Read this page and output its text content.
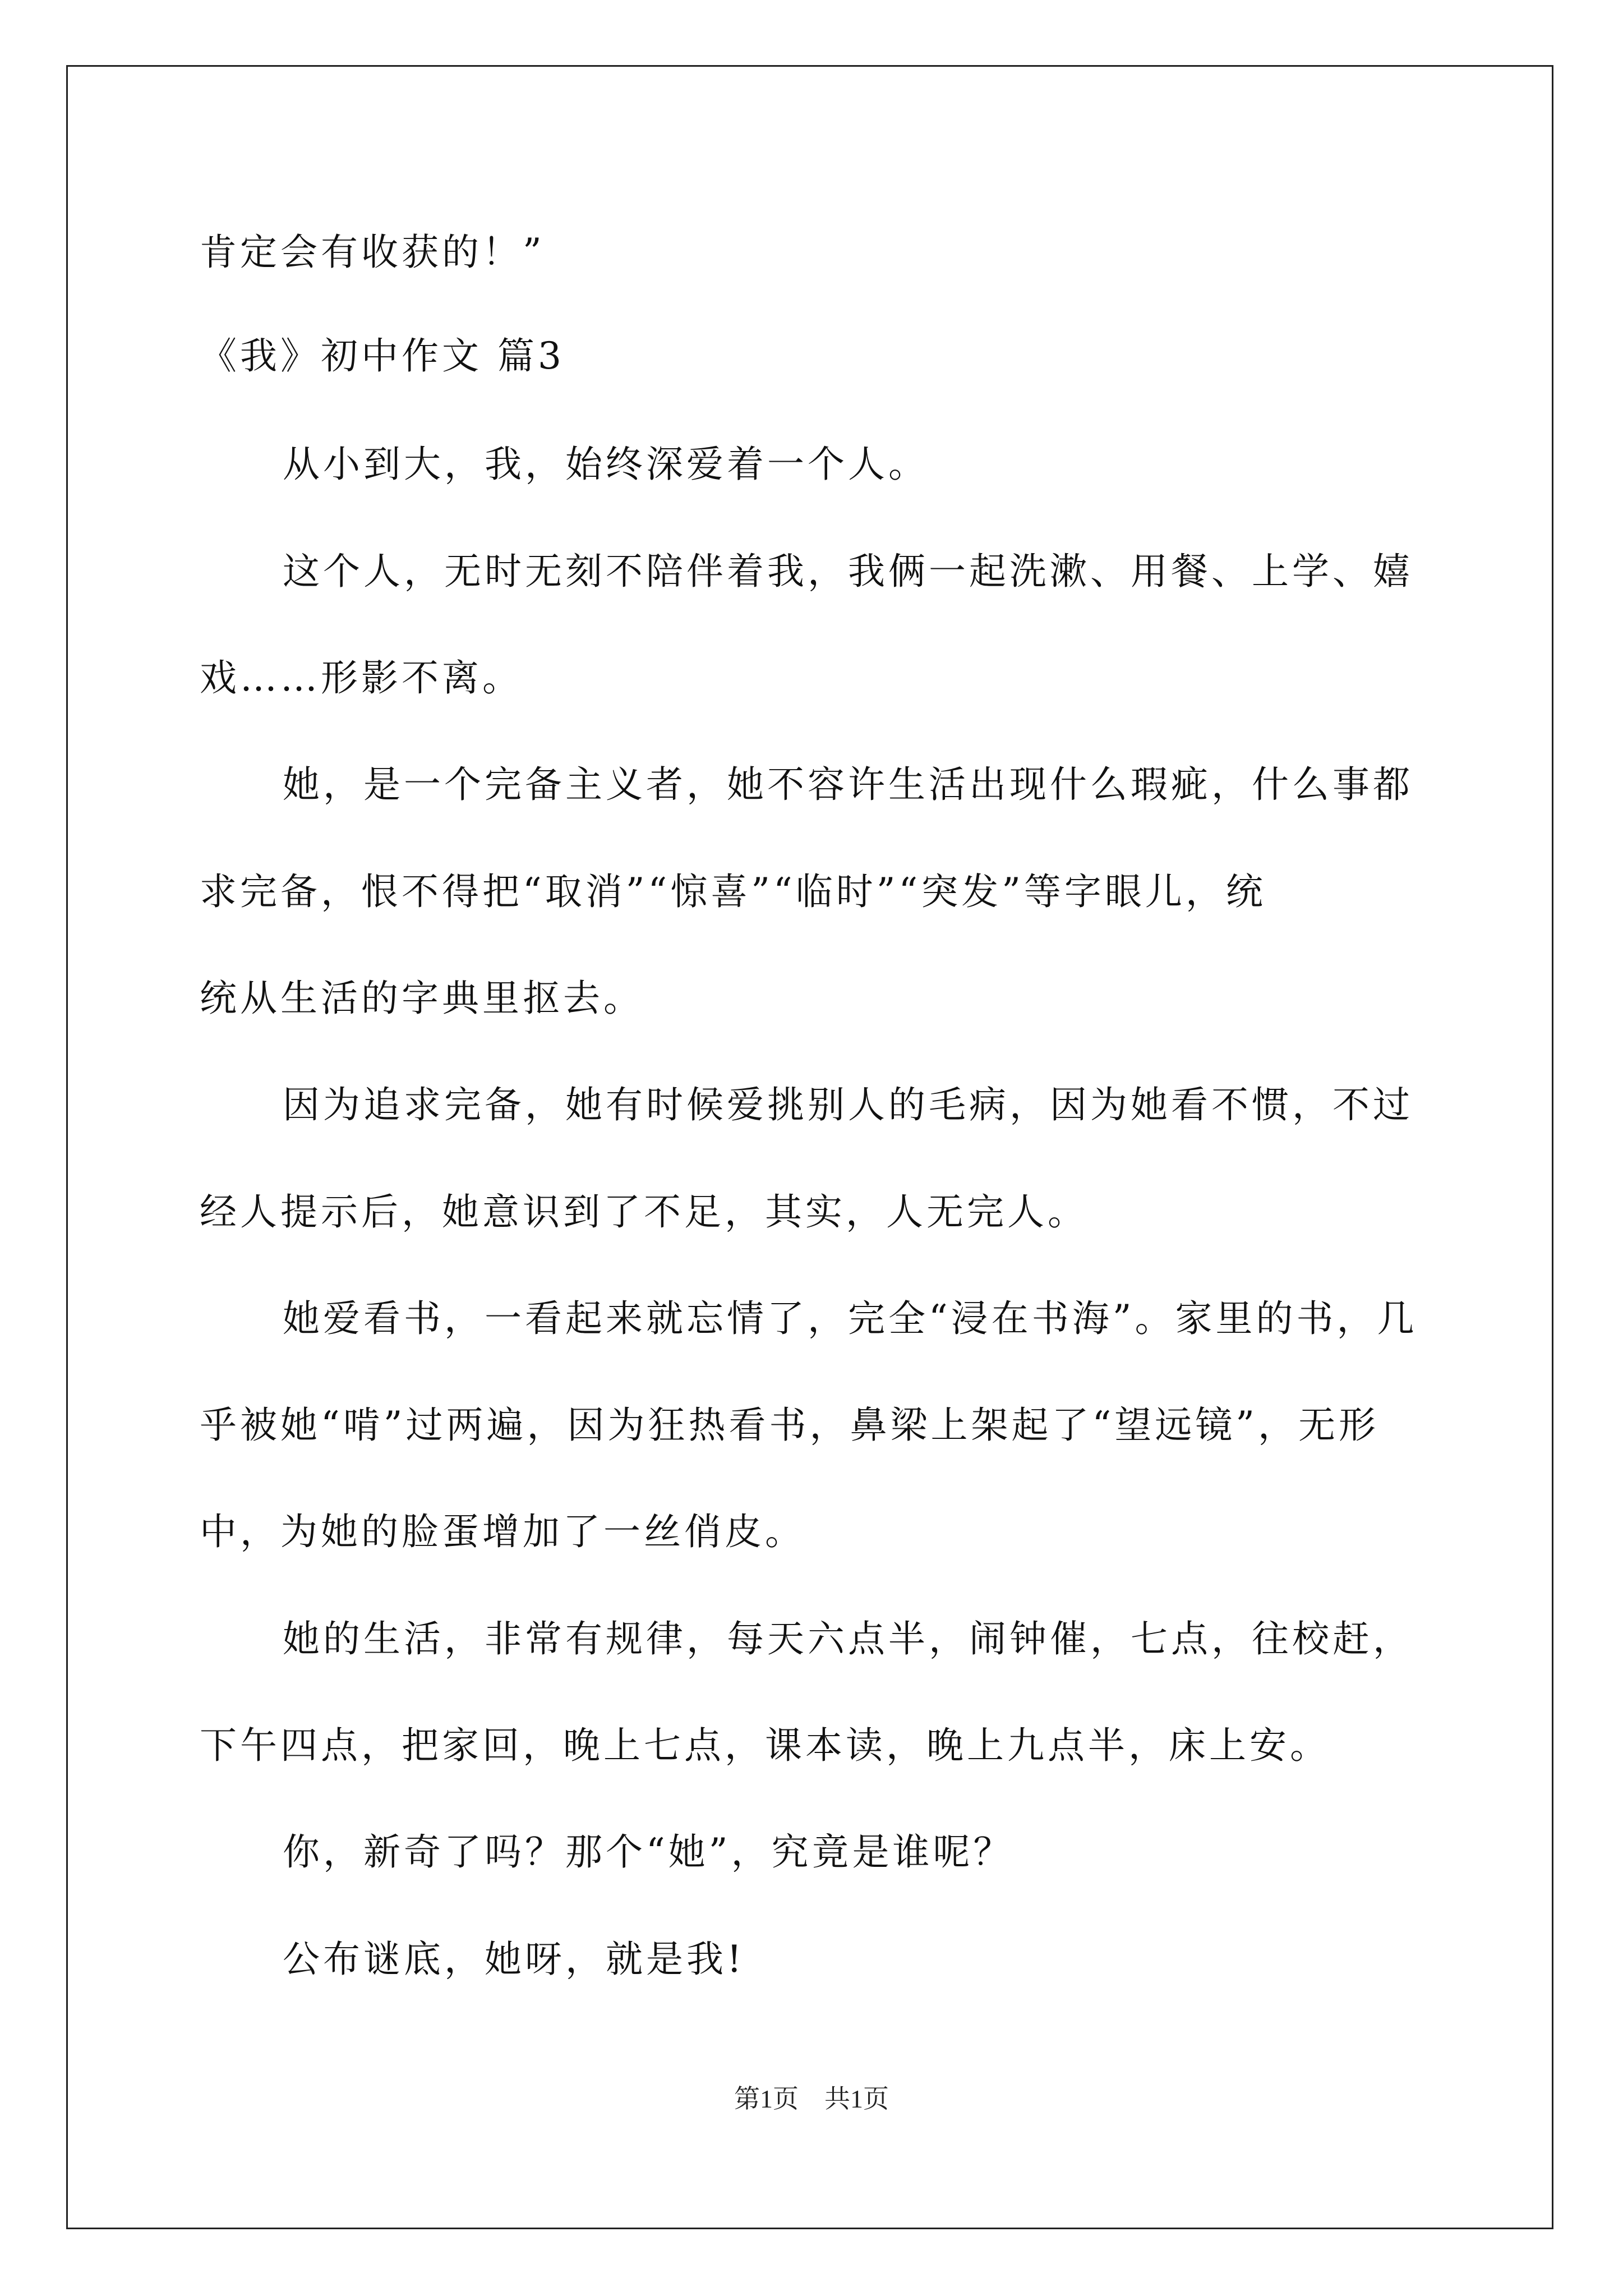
肯定会有收获的！”
《我》初中作文 篇3
从小到大，我，始终深爱着一个人。
这个人，无时无刻不陪伴着我，我俩一起洗漱、用餐、上学、嬉
戏……形影不离。
她，是一个完备主义者，她不容许生活出现什么瑕疵，什么事都
求完备，恨不得把“取消”“惊喜”“临时”“突发”等字眼儿，统
统从生活的字典里抠去。
因为追求完备，她有时候爱挑别人的毛病，因为她看不惯，不过
经人提示后，她意识到了不足，其实，人无完人。
她爱看书，一看起来就忘情了，完全“浸在书海”。家里的书，几
乎被她“啃”过两遍，因为狂热看书，鼻梁上架起了“望远镜”，无形
中，为她的脸蛋增加了一丝俏皮。
她的生活，非常有规律，每天六点半，闹钟催，七点，往校赶，
下午四点，把家回，晚上七点，课本读，晚上九点半，床上安。
你，新奇了吗？那个“她”，究竟是谁呢？
公布谜底，她呀，就是我!
第1页　共1页
